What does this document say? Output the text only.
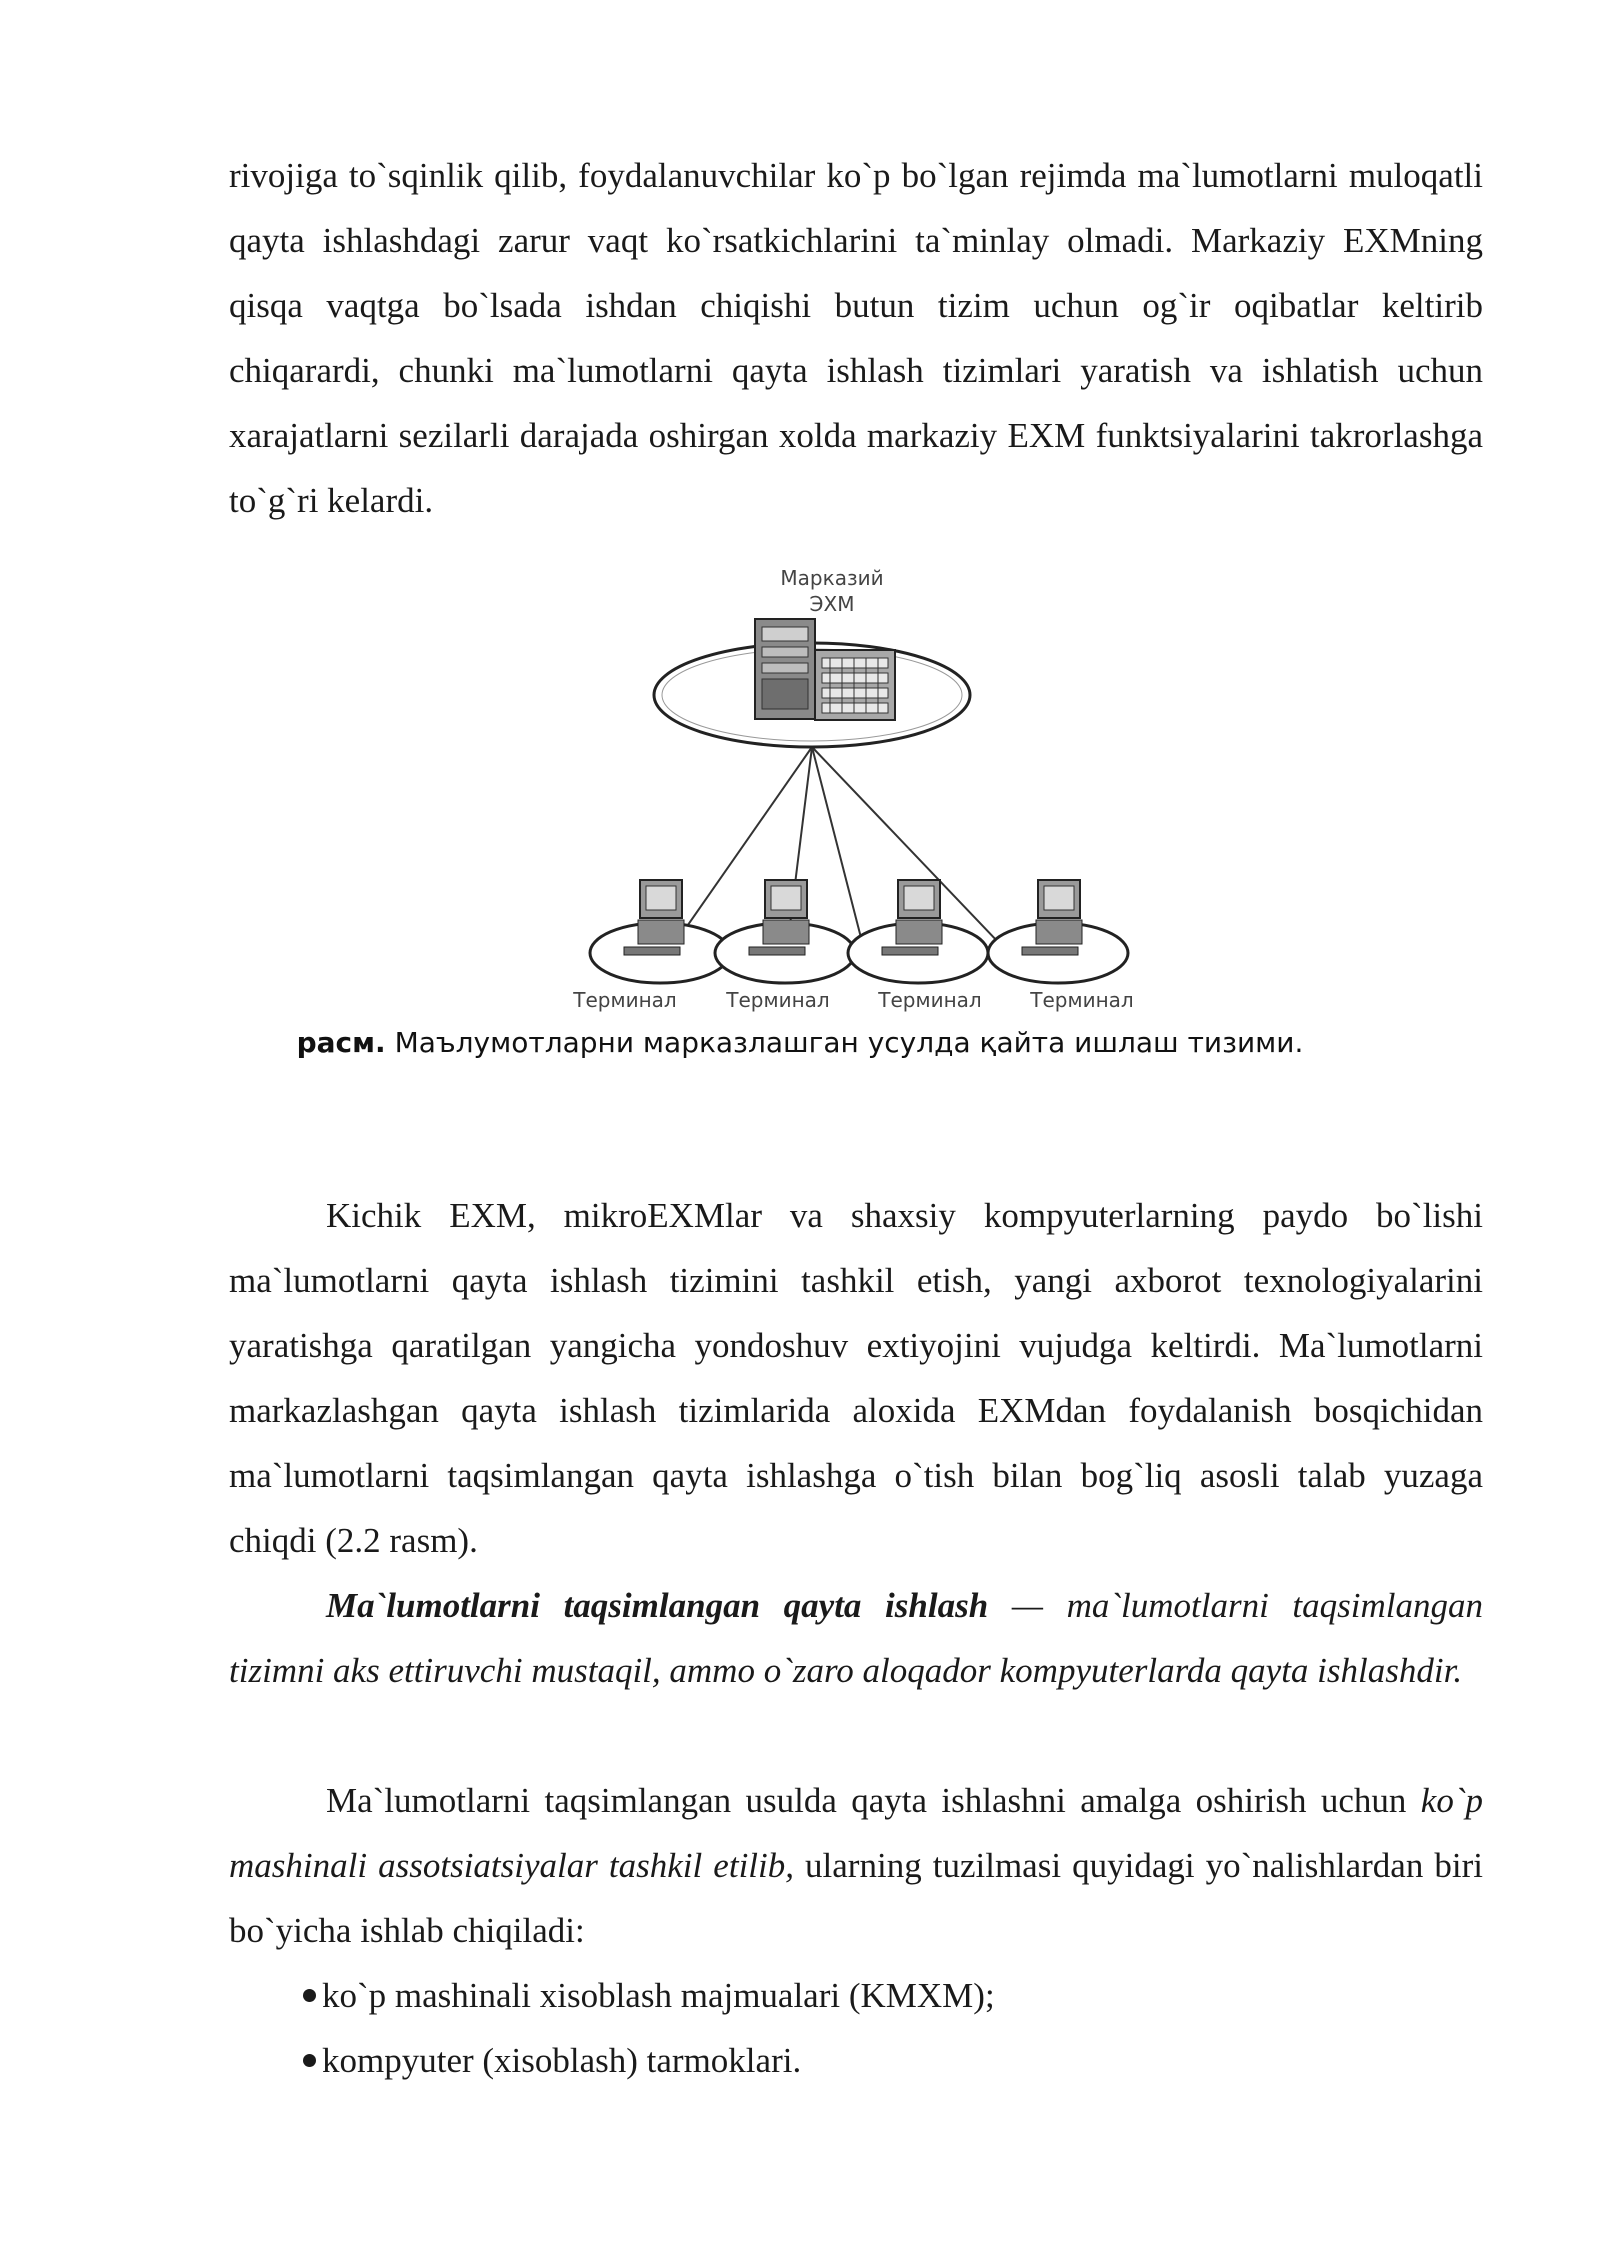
rivojiga to`sqinlik qilib, foydalanuvchilar ko`p bo`lgan rejimda ma`lumotlarni muloqatli qayta ishlashdagi zarur vaqt ko`rsatkichlarini ta`minlay olmadi. Markaziy EXMning qisqa vaqtga bo`lsada ishdan chiqishi butun tizim uchun og`ir oqibatlar keltirib chiqarardi, chunki ma`lumotlarni qayta ishlash tizimlari yaratish va ishlatish uchun xarajatlarni sezilarli darajada oshirgan xolda markaziy EXM funktsiyalarini takrorlashga to`g`ri kelardi.

Марказий
ЭХМ
Терминал Терминал Терминал Терминал
расм. Маълумотларни марказлашган усулда қайта ишлаш тизими.

Kichik EXM, mikroEXMlar va shaxsiy kompyuterlarning paydo bo`lishi ma`lumotlarni qayta ishlash tizimini tashkil etish, yangi axborot texnologiyalarini yaratishga qaratilgan yangicha yondoshuv extiyojini vujudga keltirdi. Ma`lumotlarni markazlashgan qayta ishlash tizimlarida aloxida EXMdan foydalanish bosqichidan ma`lumotlarni taqsimlangan qayta ishlashga o`tish bilan bog`liq asosli talab yuzaga chiqdi (2.2 rasm).

Ma`lumotlarni taqsimlangan qayta ishlash — ma`lumotlarni taqsimlangan tizimni aks ettiruvchi mustaqil, ammo o`zaro aloqador kompyuterlarda qayta ishlashdir.

Ma`lumotlarni taqsimlangan usulda qayta ishlashni amalga oshirish uchun ko`p mashinali assotsiatsiyalar tashkil etilib, ularning tuzilmasi quyidagi yo`nalishlardan biri bo`yicha ishlab chiqiladi:

ko`p mashinali xisoblash majmualari (KMXM);
kompyuter (xisoblash) tarmoklari.
